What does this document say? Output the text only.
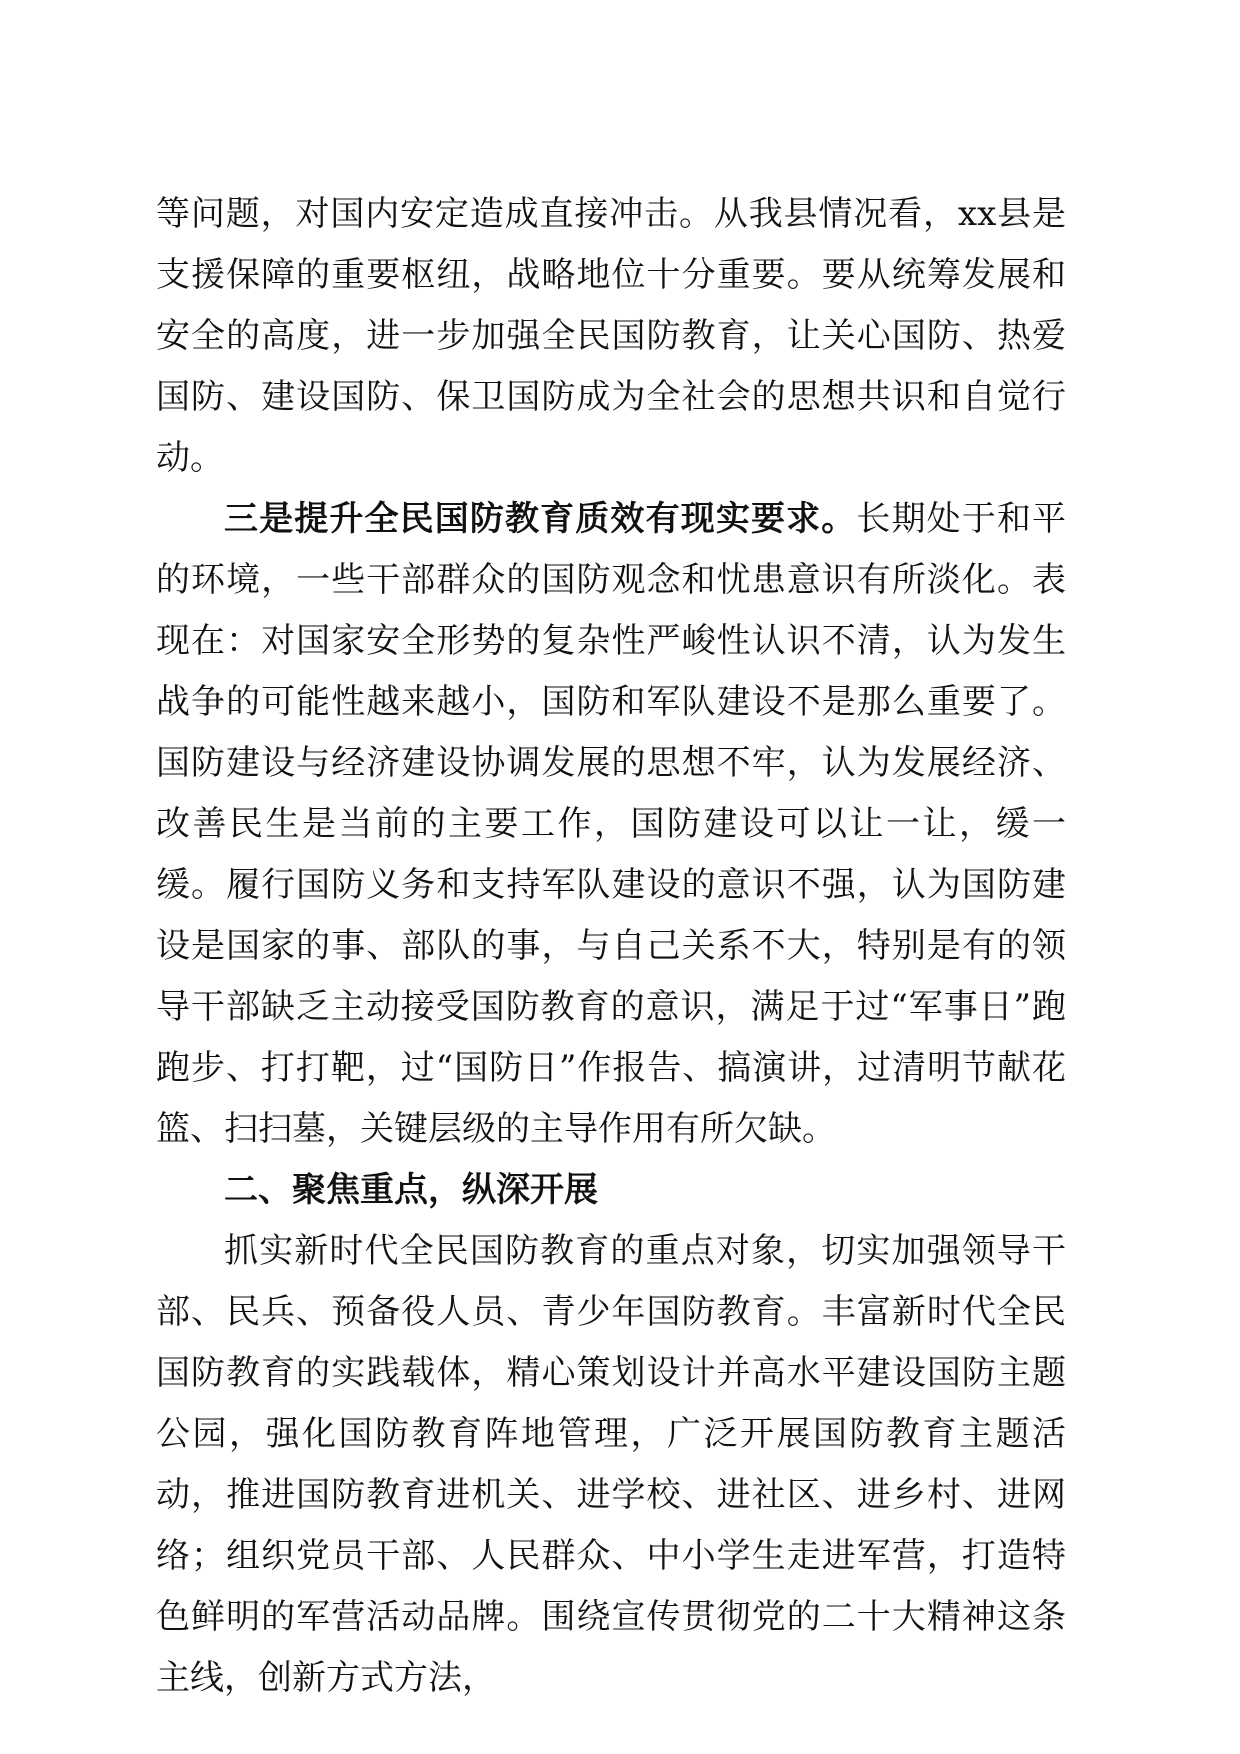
等问题，对国内安定造成直接冲击。从我县情况看，xx县是支援保障的重要枢纽，战略地位十分重要。要从统筹发展和安全的高度，进一步加强全民国防教育，让关心国防、热爱国防、建设国防、保卫国防成为全社会的思想共识和自觉行动。

三是提升全民国防教育质效有现实要求。长期处于和平的环境，一些干部群众的国防观念和忧患意识有所淡化。表现在：对国家安全形势的复杂性严峻性认识不清，认为发生战争的可能性越来越小，国防和军队建设不是那么重要了。国防建设与经济建设协调发展的思想不牢，认为发展经济、改善民生是当前的主要工作，国防建设可以让一让，缓一缓。履行国防义务和支持军队建设的意识不强，认为国防建设是国家的事、部队的事，与自己关系不大，特别是有的领导干部缺乏主动接受国防教育的意识，满足于过“军事日”跑跑步、打打靶，过“国防日”作报告、搞演讲，过清明节献花篮、扫扫墓，关键层级的主导作用有所欠缺。

二、聚焦重点，纵深开展

抓实新时代全民国防教育的重点对象，切实加强领导干部、民兵、预备役人员、青少年国防教育。丰富新时代全民国防教育的实践载体，精心策划设计并高水平建设国防主题公园，强化国防教育阵地管理，广泛开展国防教育主题活动，推进国防教育进机关、进学校、进社区、进乡村、进网络；组织党员干部、人民群众、中小学生走进军营，打造特色鲜明的军营活动品牌。围绕宣传贯彻党的二十大精神这条主线，创新方式方法，
